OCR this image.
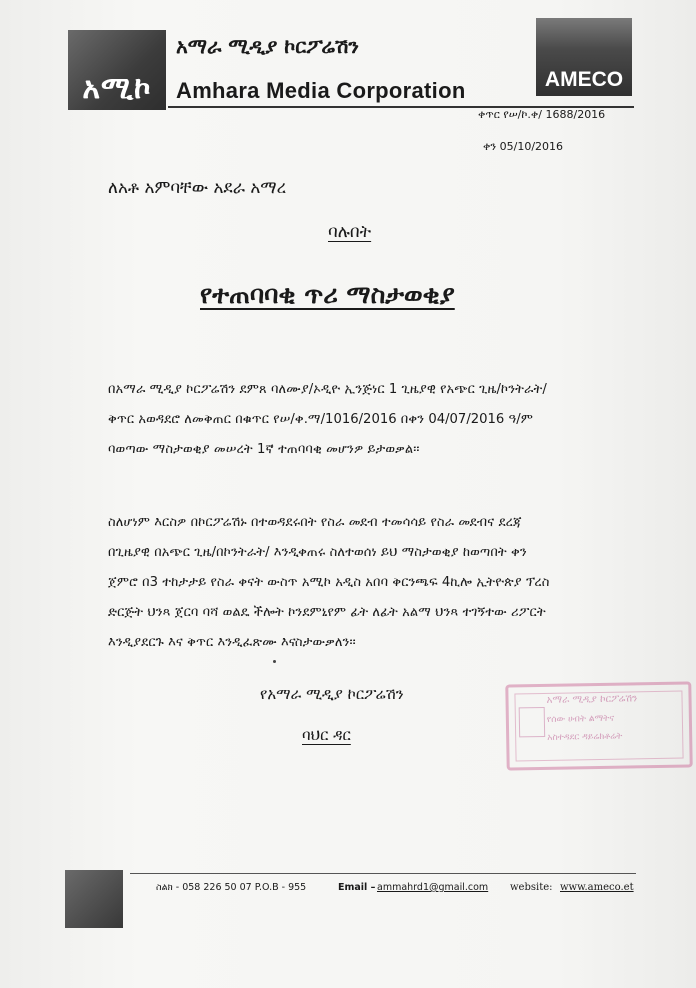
አሚኮ
አማራ ሚዲያ ኮርፖሬሽን
Amhara Media Corporation	AMECO
ቀጥር የሠ/ኮ.ቀ/ 1688/2016
ቀን 05/10/2016
ለአቶ አምባቸው አደራ አማረ
ባሉበት
የተጠባባቂ ጥሪ ማስታወቂያ
በአማራ ሚዲያ ኮርፖሬሽን ደምጸ ባለሙያ/ኦዲዮ ኢንጅነር 1 ጊዜያዊ የአጭር ጊዜ/ኮንትራት/
ቅጥር አወዳደሮ ለመቅጠር በቁጥር የሠ/ቀ.ማ/1016/2016 በቀን 04/07/2016 ዓ/ም
ባወጣው ማስታወቂያ መሠረት 1ኛ ተጠባባቂ መሆንዎ ይታወቃል፡፡
ስለሆነም እርስዎ በኮርፖሬሽኑ በተወዳደሩበት የስራ መደብ ተመሳሳይ የስራ መደብና ደረጃ
በጊዜያዊ በአጭር ጊዜ/በኮንትራት/ እንዲቀጠሩ ስለተወሰነ ይህ ማስታወቂያ ከወጣበት ቀን
ጀምሮ በ3 ተከታታይ የስራ ቀናት ውስጥ አሚኮ አዲስ አበባ ቅርንጫፍ 4ኪሎ ኢትዮጵያ ፕረስ
ድርጅት ህንጻ ጀርባ ባሻ ወልዴ ችሎት ኮንደምኒየም ፊት ለፊት አልማ ህንጻ ተገኝተው ሪፖርት
እንዲያደርጉ እና ቅጥር እንዲፈጽሙ እናስታውቃለን፡፡
የአማራ ሚዲያ ኮርፖሬሽን
ባህር ዳር
አማራ ሚዲያ ኮርፖሬሽን
የሰው ሀብት ልማትና
አስተዳደር ዳይሬክቶሬት
ስልክ - 058 226 50 07 P.O.B - 955	Email – ammahrd1@gmail.com website: www.ameco.et
